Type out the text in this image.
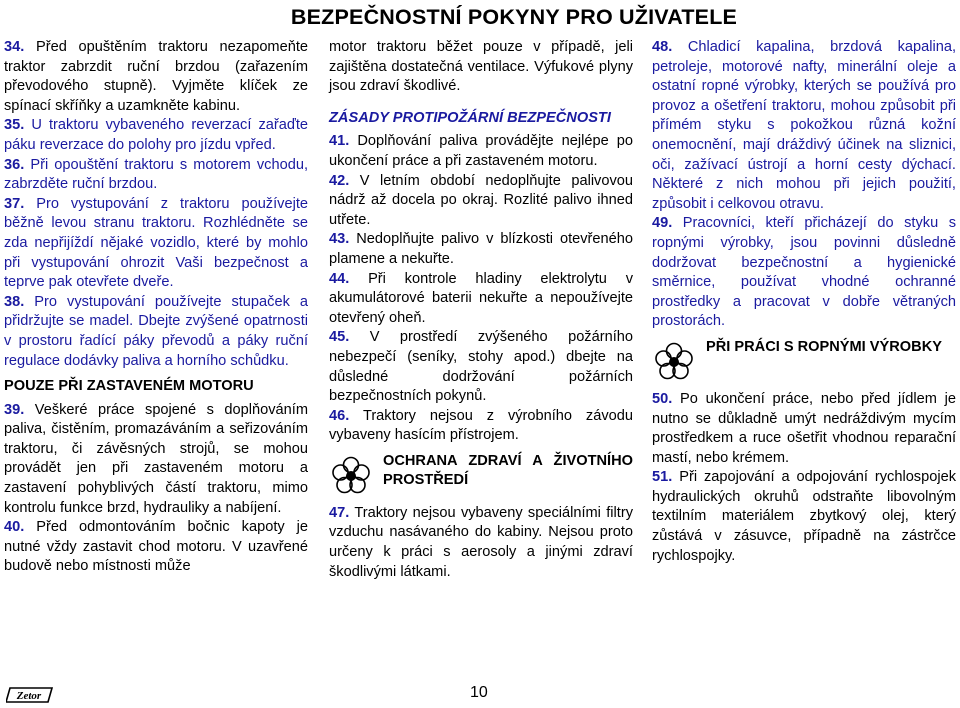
BEZPEČNOSTNÍ POKYNY PRO UŽIVATELE

34. Před opuštěním traktoru nezapomeňte traktor zabrzdit ruční brzdou (zařazením převodového stupně). Vyjměte klíček ze spínací skříňky a uzamkněte kabinu.

35. U traktoru vybaveného reverzací zařaďte páku reverzace do polohy pro jízdu vpřed.

36. Při opouštění traktoru s motorem vchodu, zabrzděte ruční brzdou.

37. Pro vystupování z traktoru používejte běžně levou stranu traktoru. Rozhlédněte se zda nepřijíždí nějaké vozidlo, které by mohlo při vystupování ohrozit Vaši bezpečnost a teprve pak otevřete dveře.

38. Pro vystupování používejte stupaček a přidržujte se madel. Dbejte zvýšené opatrnosti v prostoru řadící páky převodů a páky ruční regulace dodávky paliva a horního schůdku.

POUZE PŘI ZASTAVENÉM MOTORU

39. Veškeré práce spojené s doplňováním paliva, čistěním, promazáváním a seřizováním traktoru, či závěsných strojů, se mohou provádět jen při zastaveném motoru a zastavení pohyblivých částí traktoru, mimo kontrolu funkce brzd, hydrauliky a nabíjení.

40. Před odmontováním bočnic kapoty je nutné vždy zastavit chod motoru. V uzavřené budově nebo místnosti může

motor traktoru běžet pouze v případě, jeli zajištěna dostatečná ventilace. Výfukové plyny jsou zdraví škodlivé.

ZÁSADY PROTIPOŽÁRNÍ BEZPEČNOSTI

41. Doplňování paliva provádějte nejlépe po ukončení práce a při zastaveném motoru.

42. V letním období nedoplňujte palivovou nádrž až docela po okraj. Rozlité palivo ihned utřete.

43. Nedoplňujte palivo v blízkosti otevřeného plamene a nekuřte.

44. Při kontrole hladiny elektrolytu v akumulátorové baterii nekuřte a nepoužívejte otevřený oheň.

45. V prostředí zvýšeného požárního nebezpečí (seníky, stohy apod.) dbejte na důsledné dodržování požárních bezpečnostních pokynů.

46. Traktory nejsou z výrobního závodu vybaveny hasícím přístrojem.

OCHRANA ZDRAVÍ A ŽIVOTNÍHO PROSTŘEDÍ

47. Traktory nejsou vybaveny speciálními filtry vzduchu nasávaného do kabiny. Nejsou proto určeny k práci s aerosoly a jinými zdraví škodlivými látkami.

48. Chladicí kapalina, brzdová kapalina, petroleje, motorové nafty, minerální oleje a ostatní ropné výrobky, kterých se používá pro provoz a ošetření traktoru, mohou způsobit při přímém styku s pokožkou různá kožní onemocnění, mají dráždivý účinek na sliznici, oči, zažívací ústrojí a horní cesty dýchací. Některé z nich mohou při jejich použití, způsobit i celkovou otravu.

49. Pracovníci, kteří přicházejí do styku s ropnými výrobky, jsou povinni důsledně dodržovat bezpečnostní a hygienické směrnice, používat vhodné ochranné prostředky a pracovat v dobře větraných prostorách.

PŘI PRÁCI S ROPNÝMI VÝROBKY

50. Po ukončení práce, nebo před jídlem je nutno se důkladně umýt nedráždivým mycím prostředkem a ruce ošetřit vhodnou reparační mastí, nebo krémem.

51. Při zapojování a odpojování rychlospojek hydraulických okruhů odstraňte libovolným textilním materiálem zbytkový olej, který zůstává v zásuvce, případně na zástrčce rychlospojky.

Zetor	10
